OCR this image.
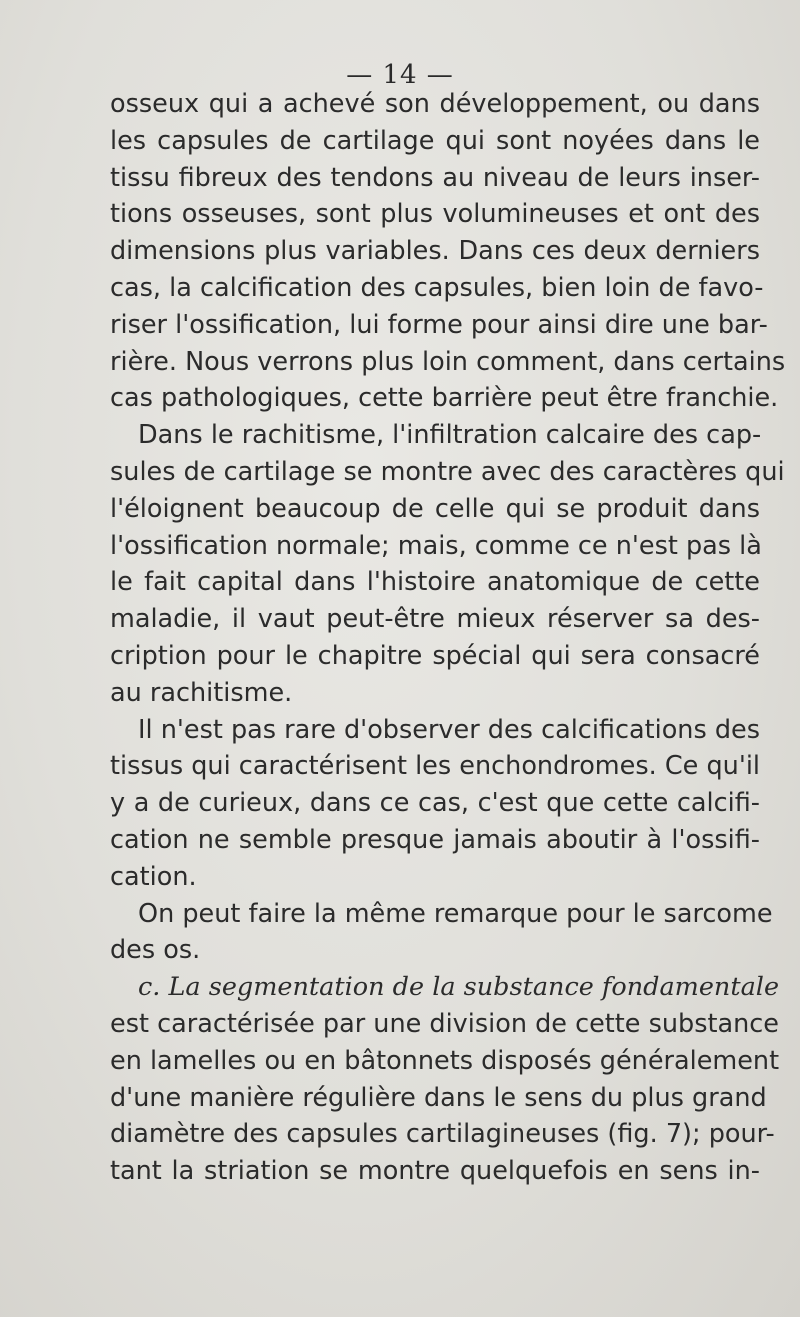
— 14 —
osseux qui a achevé son développement, ou dans
les capsules de cartilage qui sont noyées dans le
tissu fibreux des tendons au niveau de leurs inser-
tions osseuses, sont plus volumineuses et ont des
dimensions plus variables. Dans ces deux derniers
cas, la calcification des capsules, bien loin de favo-
riser l'ossification, lui forme pour ainsi dire une bar-
rière. Nous verrons plus loin comment, dans certains
cas pathologiques, cette barrière peut être franchie.
Dans le rachitisme, l'infiltration calcaire des cap-
sules de cartilage se montre avec des caractères qui
l'éloignent beaucoup de celle qui se produit dans
l'ossification normale; mais, comme ce n'est pas là
le fait capital dans l'histoire anatomique de cette
maladie, il vaut peut-être mieux réserver sa des-
cription pour le chapitre spécial qui sera consacré
au rachitisme.
Il n'est pas rare d'observer des calcifications des
tissus qui caractérisent les enchondromes. Ce qu'il
y a de curieux, dans ce cas, c'est que cette calcifi-
cation ne semble presque jamais aboutir à l'ossifi-
cation.
On peut faire la même remarque pour le sarcome
des os.
c. La segmentation de la substance fondamentale
est caractérisée par une division de cette substance
en lamelles ou en bâtonnets disposés généralement
d'une manière régulière dans le sens du plus grand
diamètre des capsules cartilagineuses (fig. 7); pour-
tant la striation se montre quelquefois en sens in-
